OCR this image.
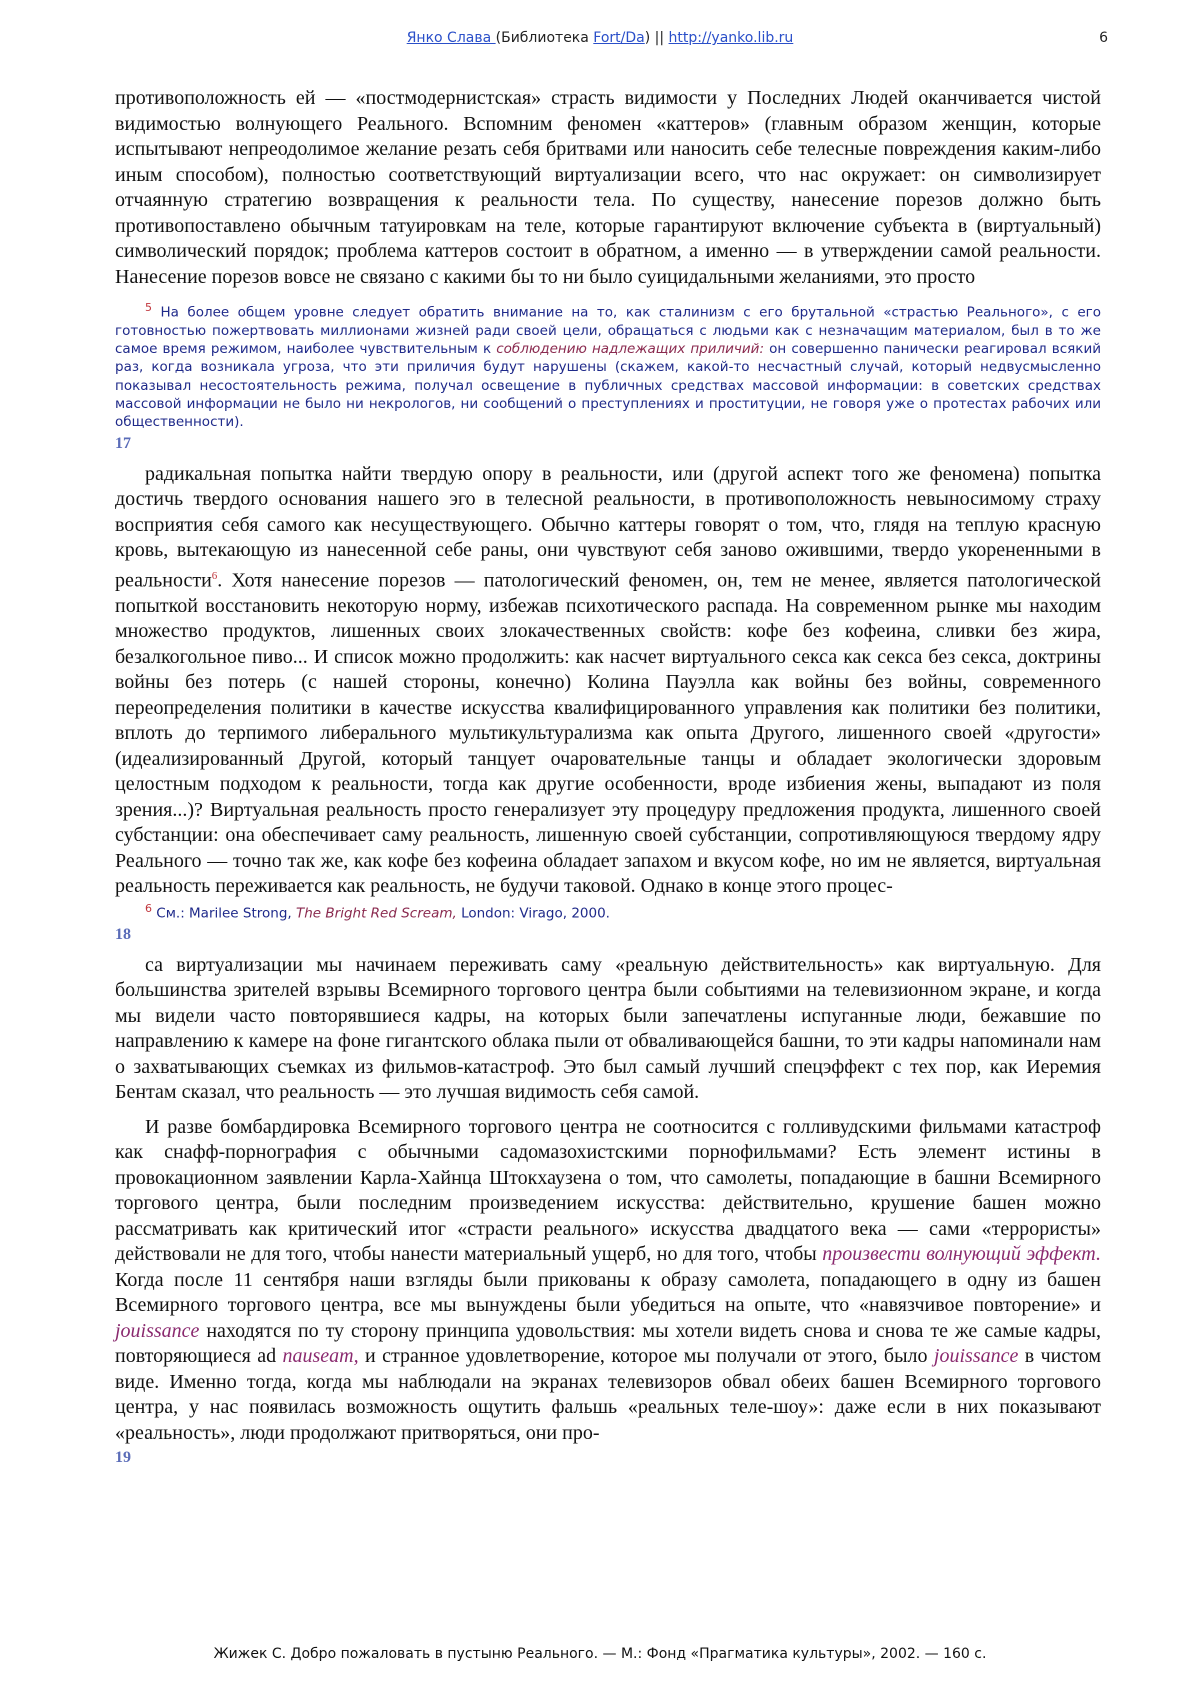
Янко Слава (Библиотека Fort/Da) || http://yanko.lib.ru	6

противоположность ей — «постмодернистская» страсть видимости у Последних Людей оканчивается чистой видимостью волнующего Реального. Вспомним феномен «каттеров» (главным образом женщин, которые испытывают непреодолимое желание резать себя бритвами или наносить себе телесные повреждения каким-либо иным способом), полностью соответствующий виртуализации всего, что нас окружает: он символизирует отчаянную стратегию возвращения к реальности тела. По существу, нанесение порезов должно быть противопоставлено обычным татуировкам на теле, которые гарантируют включение субъекта в (виртуальный) символический порядок; проблема каттеров состоит в обратном, а именно — в утверждении самой реальности. Нанесение порезов вовсе не связано с какими бы то ни было суицидальными желаниями, это просто

$^5$ На более общем уровне следует обратить внимание на то, как сталинизм с его брутальной «страстью Реального», с его готовностью пожертвовать миллионами жизней ради своей цели, обращаться с людьми как с незначащим материалом, был в то же самое время режимом, наиболее чувствительным к соблюдению надлежащих приличий: он совершенно панически реагировал всякий раз, когда возникала угроза, что эти приличия будут нарушены (скажем, какой-то несчастный случай, который недвусмысленно показывал несостоятельность режима, получал освещение в публичных средствах массовой информации: в советских средствах массовой информации не было ни некрологов, ни сообщений о преступлениях и проституции, не говоря уже о протестах рабочих или общественности).

17

радикальная попытка найти твердую опору в реальности, или (другой аспект того же феномена) попытка достичь твердого основания нашего эго в телесной реальности, в противоположность невыносимому страху восприятия себя самого как несуществующего. Обычно каттеры говорят о том, что, глядя на теплую красную кровь, вытекающую из нанесенной себе раны, они чувствуют себя заново ожившими, твердо укорененными в реальности$^6$. Хотя нанесение порезов — патологический феномен, он, тем не менее, является патологической попыткой восстановить некоторую норму, избежав психотического распада. На современном рынке мы находим множество продуктов, лишенных своих злокачественных свойств: кофе без кофеина, сливки без жира, безалкогольное пиво... И список можно продолжить: как насчет виртуального секса как секса без секса, доктрины войны без потерь (с нашей стороны, конечно) Колина Пауэлла как войны без войны, современного переопределения политики в качестве искусства квалифицированного управления как политики без политики, вплоть до терпимого либерального мультикультурализма как опыта Другого, лишенного своей «другости» (идеализированный Другой, который танцует очаровательные танцы и обладает экологически здоровым целостным подходом к реальности, тогда как другие особенности, вроде избиения жены, выпадают из поля зрения...)? Виртуальная реальность просто генерализует эту процедуру предложения продукта, лишенного своей субстанции: она обеспечивает саму реальность, лишенную своей субстанции, сопротивляющуюся твердому ядру Реального — точно так же, как кофе без кофеина обладает запахом и вкусом кофе, но им не является, виртуальная реальность переживается как реальность, не будучи таковой. Однако в конце этого процес-

$^6$ См.: Marilee Strong, The Bright Red Scream, London: Virago, 2000.

18

са виртуализации мы начинаем переживать саму «реальную действительность» как виртуальную. Для большинства зрителей взрывы Всемирного торгового центра были событиями на телевизионном экране, и когда мы видели часто повторявшиеся кадры, на которых были запечатлены испуганные люди, бежавшие по направлению к камере на фоне гигантского облака пыли от обваливающейся башни, то эти кадры напоминали нам о захватывающих съемках из фильмов-катастроф. Это был самый лучший спецэффект с тех пор, как Иеремия Бентам сказал, что реальность — это лучшая видимость себя самой.

И разве бомбардировка Всемирного торгового центра не соотносится с голливудскими фильмами катастроф как снафф-порнография с обычными садомазохистскими порнофильмами? Есть элемент истины в провокационном заявлении Карла-Хайнца Штокхаузена о том, что самолеты, попадающие в башни Всемирного торгового центра, были последним произведением искусства: действительно, крушение башен можно рассматривать как критический итог «страсти реального» искусства двадцатого века — сами «террористы» действовали не для того, чтобы нанести материальный ущерб, но для того, чтобы произвести волнующий эффект. Когда после 11 сентября наши взгляды были прикованы к образу самолета, попадающего в одну из башен Всемирного торгового центра, все мы вынуждены были убедиться на опыте, что «навязчивое повторение» и jouissance находятся по ту сторону принципа удовольствия: мы хотели видеть снова и снова те же самые кадры, повторяющиеся ad nauseam, и странное удовлетворение, которое мы получали от этого, было jouissance в чистом виде. Именно тогда, когда мы наблюдали на экранах телевизоров обвал обеих башен Всемирного торгового центра, у нас появилась возможность ощутить фальшь «реальных теле-шоу»: даже если в них показывают «реальность», люди продолжают притворяться, они про-

19
Жижек С. Добро пожаловать в пустыню Реального. — М.: Фонд «Прагматика культуры», 2002. — 160 с.
